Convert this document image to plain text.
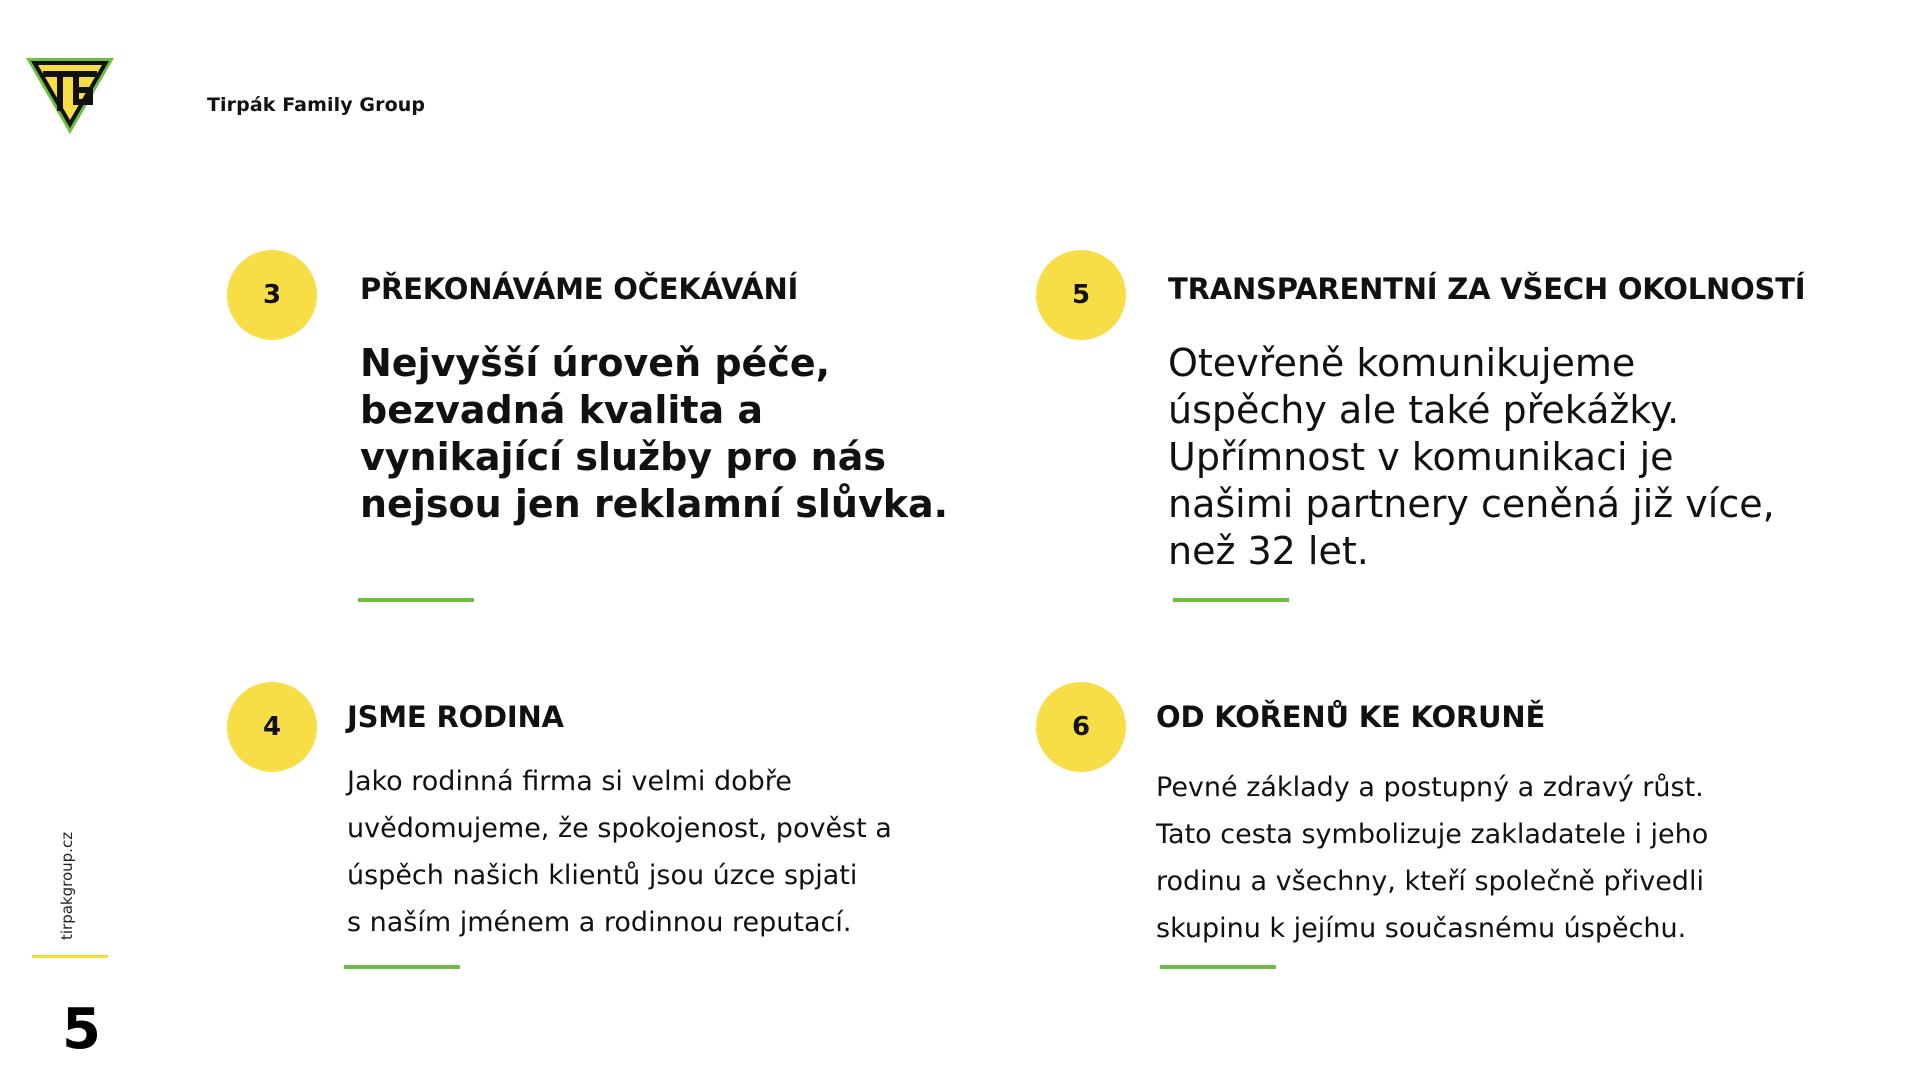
Tirpák Family Group
tirpakgroup.cz
5
3	PŘEKONÁVÁME OČEKÁVÁNÍ
Nejvyšší úroveň péče,
bezvadná kvalita a
vynikající služby pro nás
nejsou jen reklamní slůvka.
5	TRANSPARENTNÍ ZA VŠECH OKOLNOSTÍ
Otevřeně komunikujeme
úspěchy ale také překážky.
Upřímnost v komunikaci je
našimi partnery ceněná již více,
než 32 let.
4	JSME RODINA
Jako rodinná firma si velmi dobře
uvědomujeme, že spokojenost, pověst a
úspěch našich klientů jsou úzce spjati
s naším jménem a rodinnou reputací.
6	OD KOŘENŮ KE KORUNĚ
Pevné základy a postupný a zdravý růst.
Tato cesta symbolizuje zakladatele i jeho
rodinu a všechny, kteří společně přivedli
skupinu k jejímu současnému úspěchu.
